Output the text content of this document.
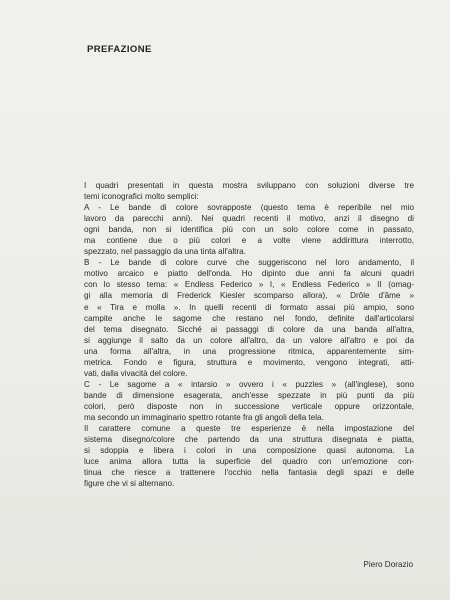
PREFAZIONE
I quadri presentati in questa mostra sviluppano con soluzioni diverse tre
temi iconografici molto semplici:
A - Le bande di colore sovrapposte (questo tema è reperibile nel mio
lavoro da parecchi anni). Nei quadri recenti il motivo, anzi il disegno di
ogni banda, non si identifica più con un solo colore come in passato,
ma contiene due o più colori e a volte viene addirittura interrotto,
spezzato, nel passaggio da una tinta all'altra.
B - Le bande di colore curve che suggeriscono nel loro andamento, il
motivo arcaico e piatto dell'onda. Ho dipinto due anni fa alcuni quadri
con lo stesso tema: « Endless Federico » I, « Endless Federico » II (omag-
gi alla memoria di Frederick Kiesler scomparso allora), « Drôle d'âme »
e « Tira e molla ». In quelli recenti di formato assai più ampio, sono
campite anche le sagome che restano nel fondo, definite dall'articolarsi
del tema disegnato. Sicché ai passaggi di colore da una banda all'altra,
si aggiunge il salto da un colore all'altro, da un valore all'altro e poi da
una forma all'altra, in una progressione ritmica, apparentemente sim-
metrica. Fondo e figura, struttura e movimento, vengono integrati, atti-
vati, dalla vivacità del colore.
C - Le sagome a « intarsio » ovvero i « puzzles » (all'inglese), sono
bande di dimensione esagerata, anch'esse spezzate in più punti da più
colori, però disposte non in successione verticale oppure orizzontale,
ma secondo un immaginario spettro rotante fra gli angoli della tela.
Il carattere comune a queste tre esperienze è nella impostazione del
sistema disegno/colore che partendo da una struttura disegnata e piatta,
si sdoppia e libera i colori in una composizione quasi autonoma. La
luce anima allora tutta la superficie del quadro con un'emozione con-
tinua che riesce a trattenere l'occhio nella fantasia degli spazi e delle
figure che vi si alternano.

Piero Dorazio
